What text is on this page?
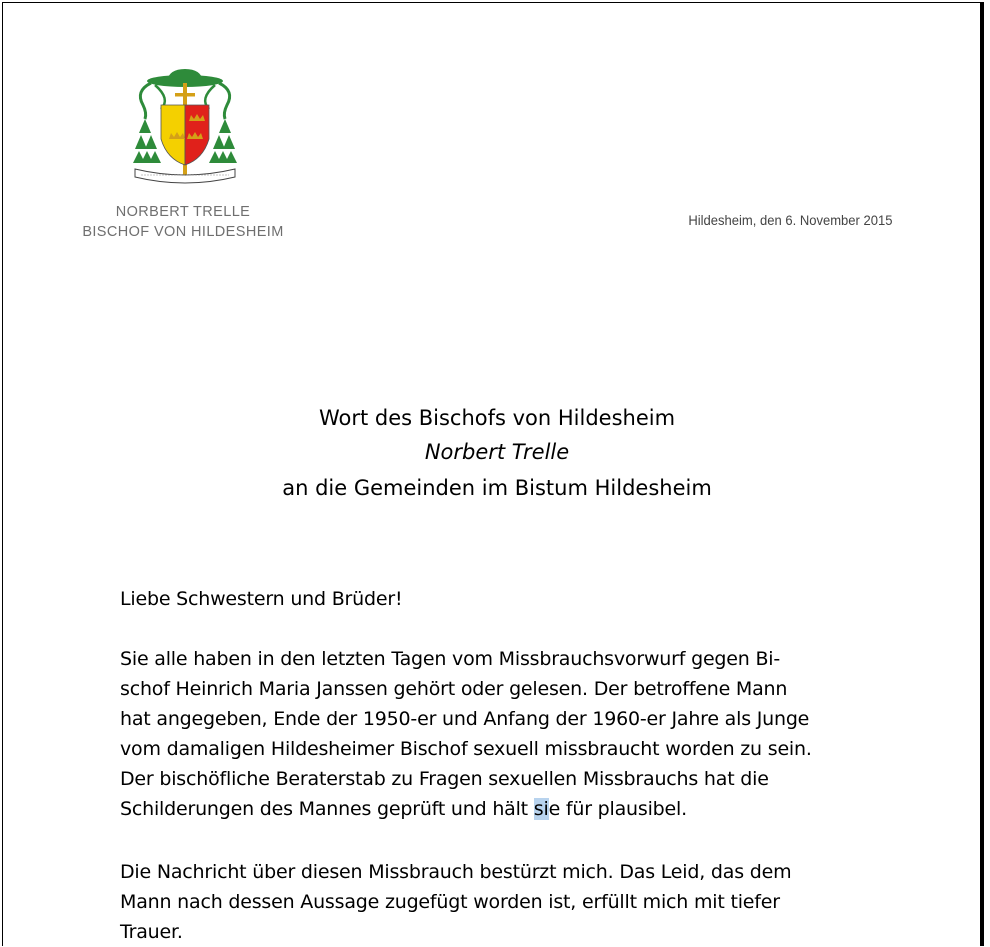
NORBERT TRELLE
BISCHOF VON HILDESHEIM
Hildesheim, den 6. November 2015
Wort des Bischofs von Hildesheim
Norbert Trelle
an die Gemeinden im Bistum Hildesheim
Liebe Schwestern und Brüder!
Sie alle haben in den letzten Tagen vom Missbrauchsvorwurf gegen Bi-
schof Heinrich Maria Janssen gehört oder gelesen. Der betroffene Mann
hat angegeben, Ende der 1950-er und Anfang der 1960-er Jahre als Junge
vom damaligen Hildesheimer Bischof sexuell missbraucht worden zu sein.
Der bischöfliche Beraterstab zu Fragen sexuellen Missbrauchs hat die
Schilderungen des Mannes geprüft und hält sie für plausibel.
Die Nachricht über diesen Missbrauch bestürzt mich. Das Leid, das dem
Mann nach dessen Aussage zugefügt worden ist, erfüllt mich mit tiefer
Trauer.
